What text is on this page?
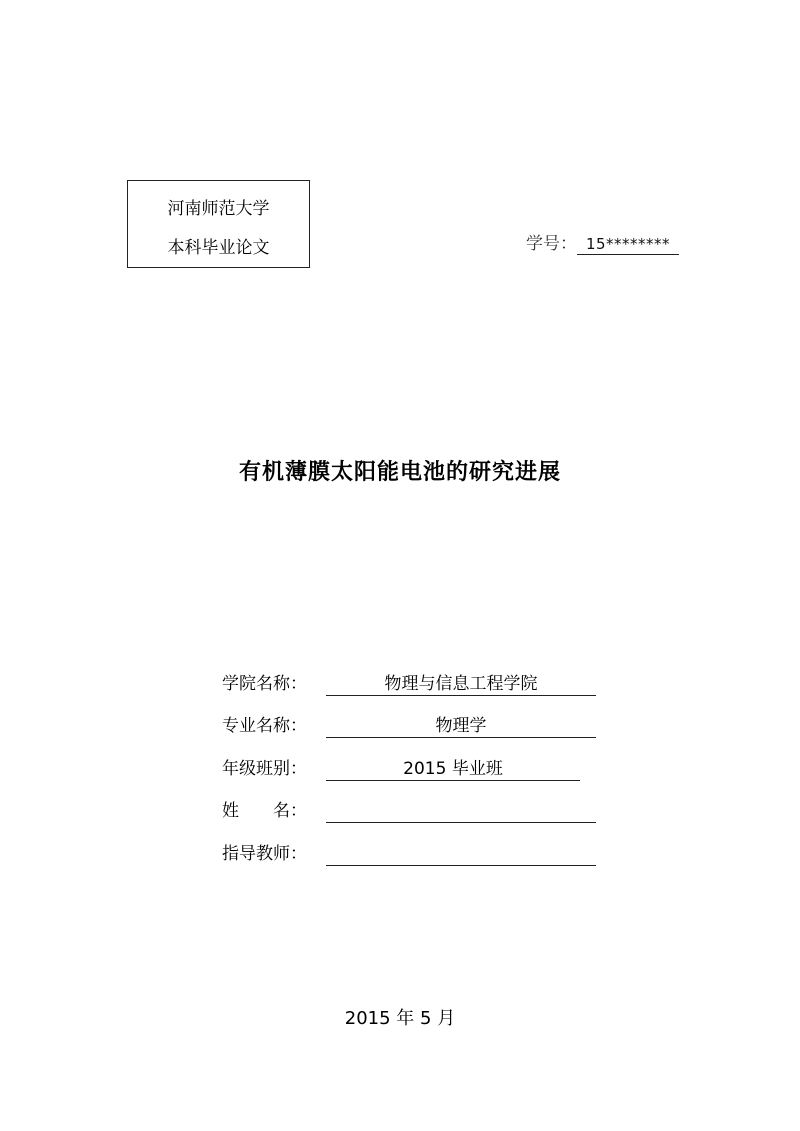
河南师范大学
本科毕业论文	学号： 15********
有机薄膜太阳能电池的研究进展
学院名称：	物理与信息工程学院
专业名称：	物理学
年级班别：	2015 毕业班
姓　　名：
指导教师：
2015 年 5 月
